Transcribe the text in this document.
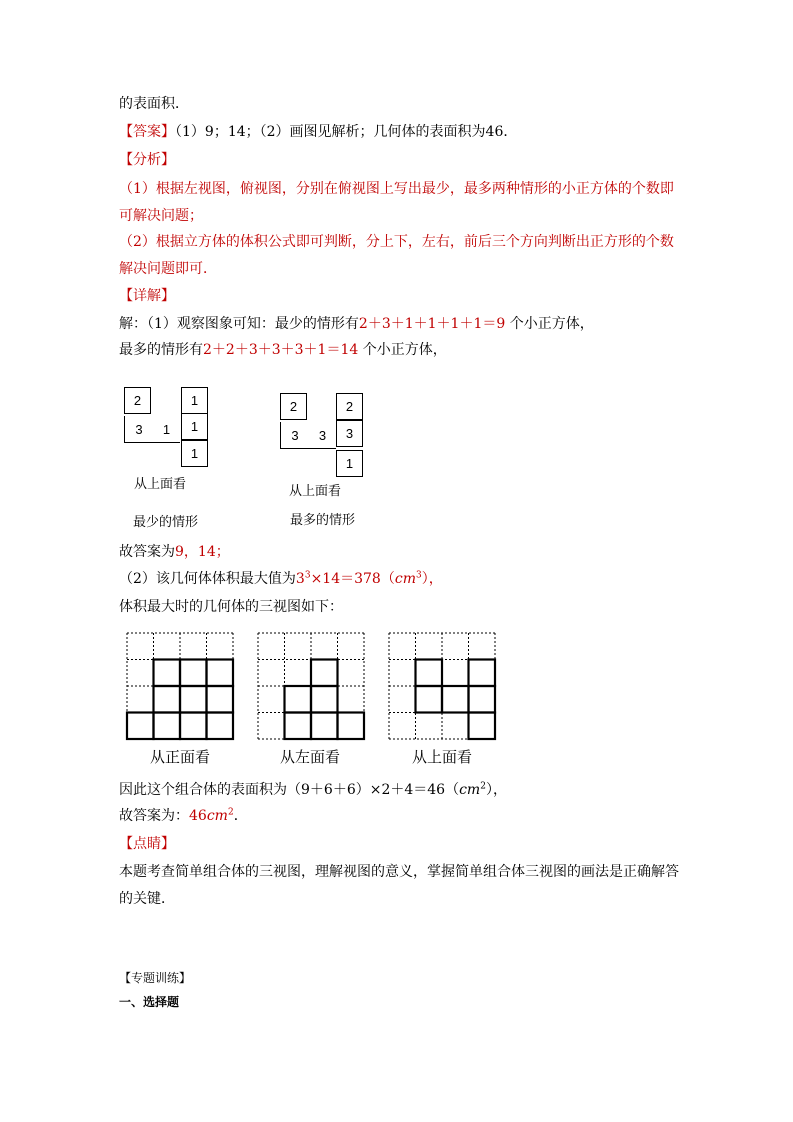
的表面积．
【答案】（1）9；14；（2）画图见解析；几何体的表面积为46．
【分析】
（1）根据左视图，俯视图，分别在俯视图上写出最少，最多两种情形的小正方体的个数即
可解决问题；
（2）根据立方体的体积公式即可判断，分上下，左右，前后三个方向判断出正方形的个数
解决问题即可．
【详解】
解：（1）观察图象可知：最少的情形有2＋3＋1＋1＋1＋1＝9 个小正方体，
最多的情形有2＋2＋3＋3＋3＋1＝14 个小正方体，
2	1
3	1	1
1
从上面看
最少的情形
2	2
3	3	3
1
从上面看
最多的情形
故答案为9，14；
（2）该几何体体积最大值为$3^3\times 14=378(cm^3)$，
体积最大时的几何体的三视图如下：
从正面看	从左面看	从上面看
因此这个组合体的表面积为$(9+6+6)\times 2+4=46(cm^2)$，
故答案为：$46cm^2$．
【点睛】
本题考查简单组合体的三视图，理解视图的意义，掌握简单组合体三视图的画法是正确解答
的关键．
【专题训练】
一、选择题
